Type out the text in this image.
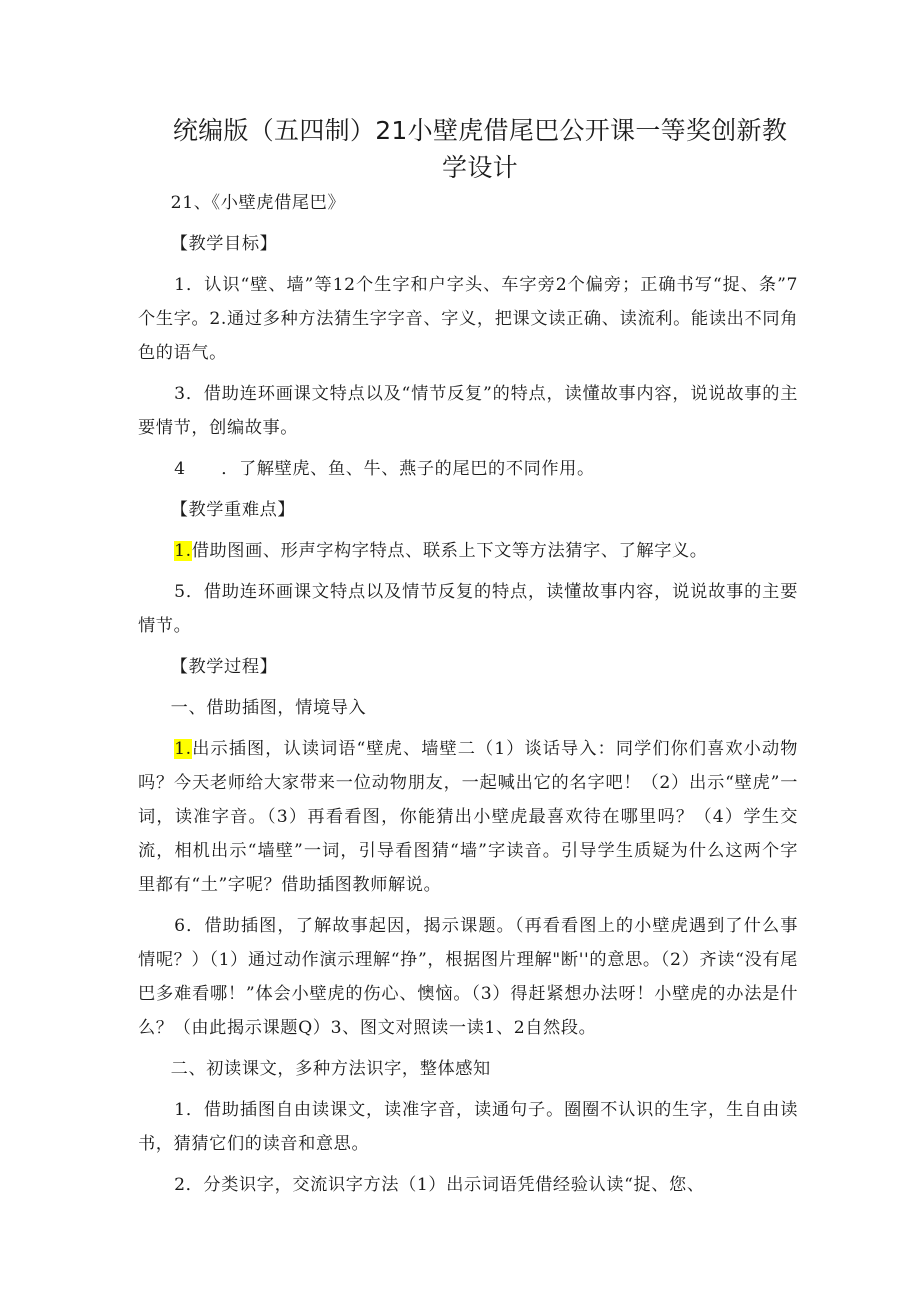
统编版（五四制）21小壁虎借尾巴公开课一等奖创新教
学设计

21、《小壁虎借尾巴》

【教学目标】

1．认识“壁、墙”等12个生字和户字头、车字旁2个偏旁；正确书写“捉、条”7个生字。2.通过多种方法猜生字字音、字义，把课文读正确、读流利。能读出不同角色的语气。

3．借助连环画课文特点以及“情节反复”的特点，读懂故事内容，说说故事的主要情节，创编故事。

4　　．了解壁虎、鱼、牛、燕子的尾巴的不同作用。

【教学重难点】

1.借助图画、形声字构字特点、联系上下文等方法猜字、了解字义。

5．借助连环画课文特点以及情节反复的特点，读懂故事内容，说说故事的主要情节。

【教学过程】

一、借助插图，情境导入

1.出示插图，认读词语“壁虎、墙壁二（1）谈话导入：同学们你们喜欢小动物吗？今天老师给大家带来一位动物朋友，一起喊出它的名字吧！（2）出示“壁虎”一词，读准字音。（3）再看看图，你能猜出小壁虎最喜欢待在哪里吗？（4）学生交流，相机出示“墙壁”一词，引导看图猜“墙”字读音。引导学生质疑为什么这两个字里都有“土”字呢？借助插图教师解说。

6．借助插图，了解故事起因，揭示课题。（再看看图上的小壁虎遇到了什么事情呢？）（1）通过动作演示理解“挣”，根据图片理解"断''的意思。（2）齐读“没有尾巴多难看哪！”体会小壁虎的伤心、懊恼。（3）得赶紧想办法呀！小壁虎的办法是什么？（由此揭示课题Q）3、图文对照读一读1、2自然段。

二、初读课文，多种方法识字，整体感知

1．借助插图自由读课文，读准字音，读通句子。圈圈不认识的生字，生自由读书，猜猜它们的读音和意思。

2．分类识字，交流识字方法（1）出示词语凭借经验认读“捉、您、
